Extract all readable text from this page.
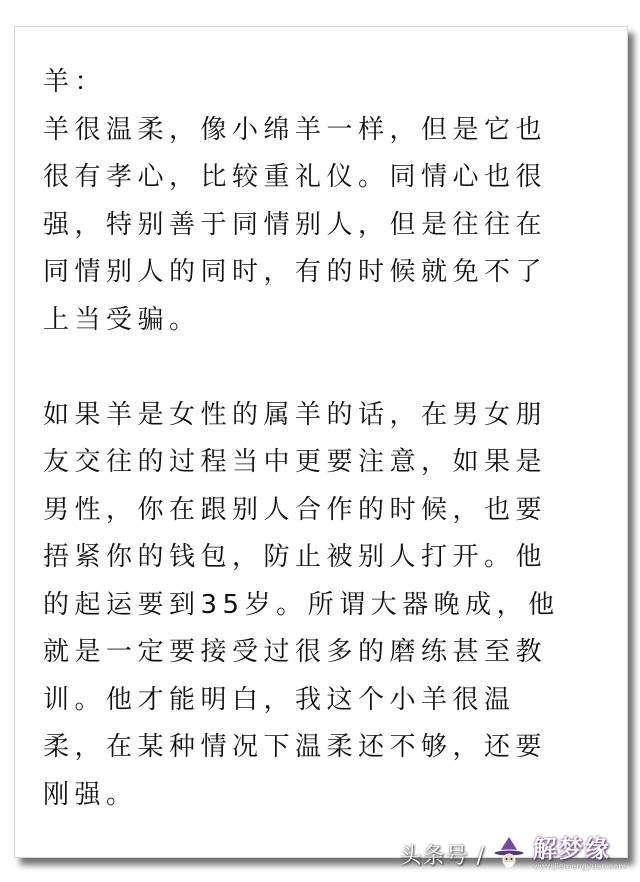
羊：
羊很温柔，像小绵羊一样，但是它也
很有孝心，比较重礼仪。同情心也很
强，特别善于同情别人，但是往往在
同情别人的同时，有的时候就免不了
上当受骗。
如果羊是女性的属羊的话，在男女朋
友交往的过程当中更要注意，如果是
男性，你在跟别人合作的时候，也要
捂紧你的钱包，防止被别人打开。他
的起运要到35岁。所谓大器晚成，他
就是一定要接受过很多的磨练甚至教
训。他才能明白，我这个小羊很温
柔，在某种情况下温柔还不够，还要
刚强。
头条号 / 解梦缘
www.jiemengyuan.com
